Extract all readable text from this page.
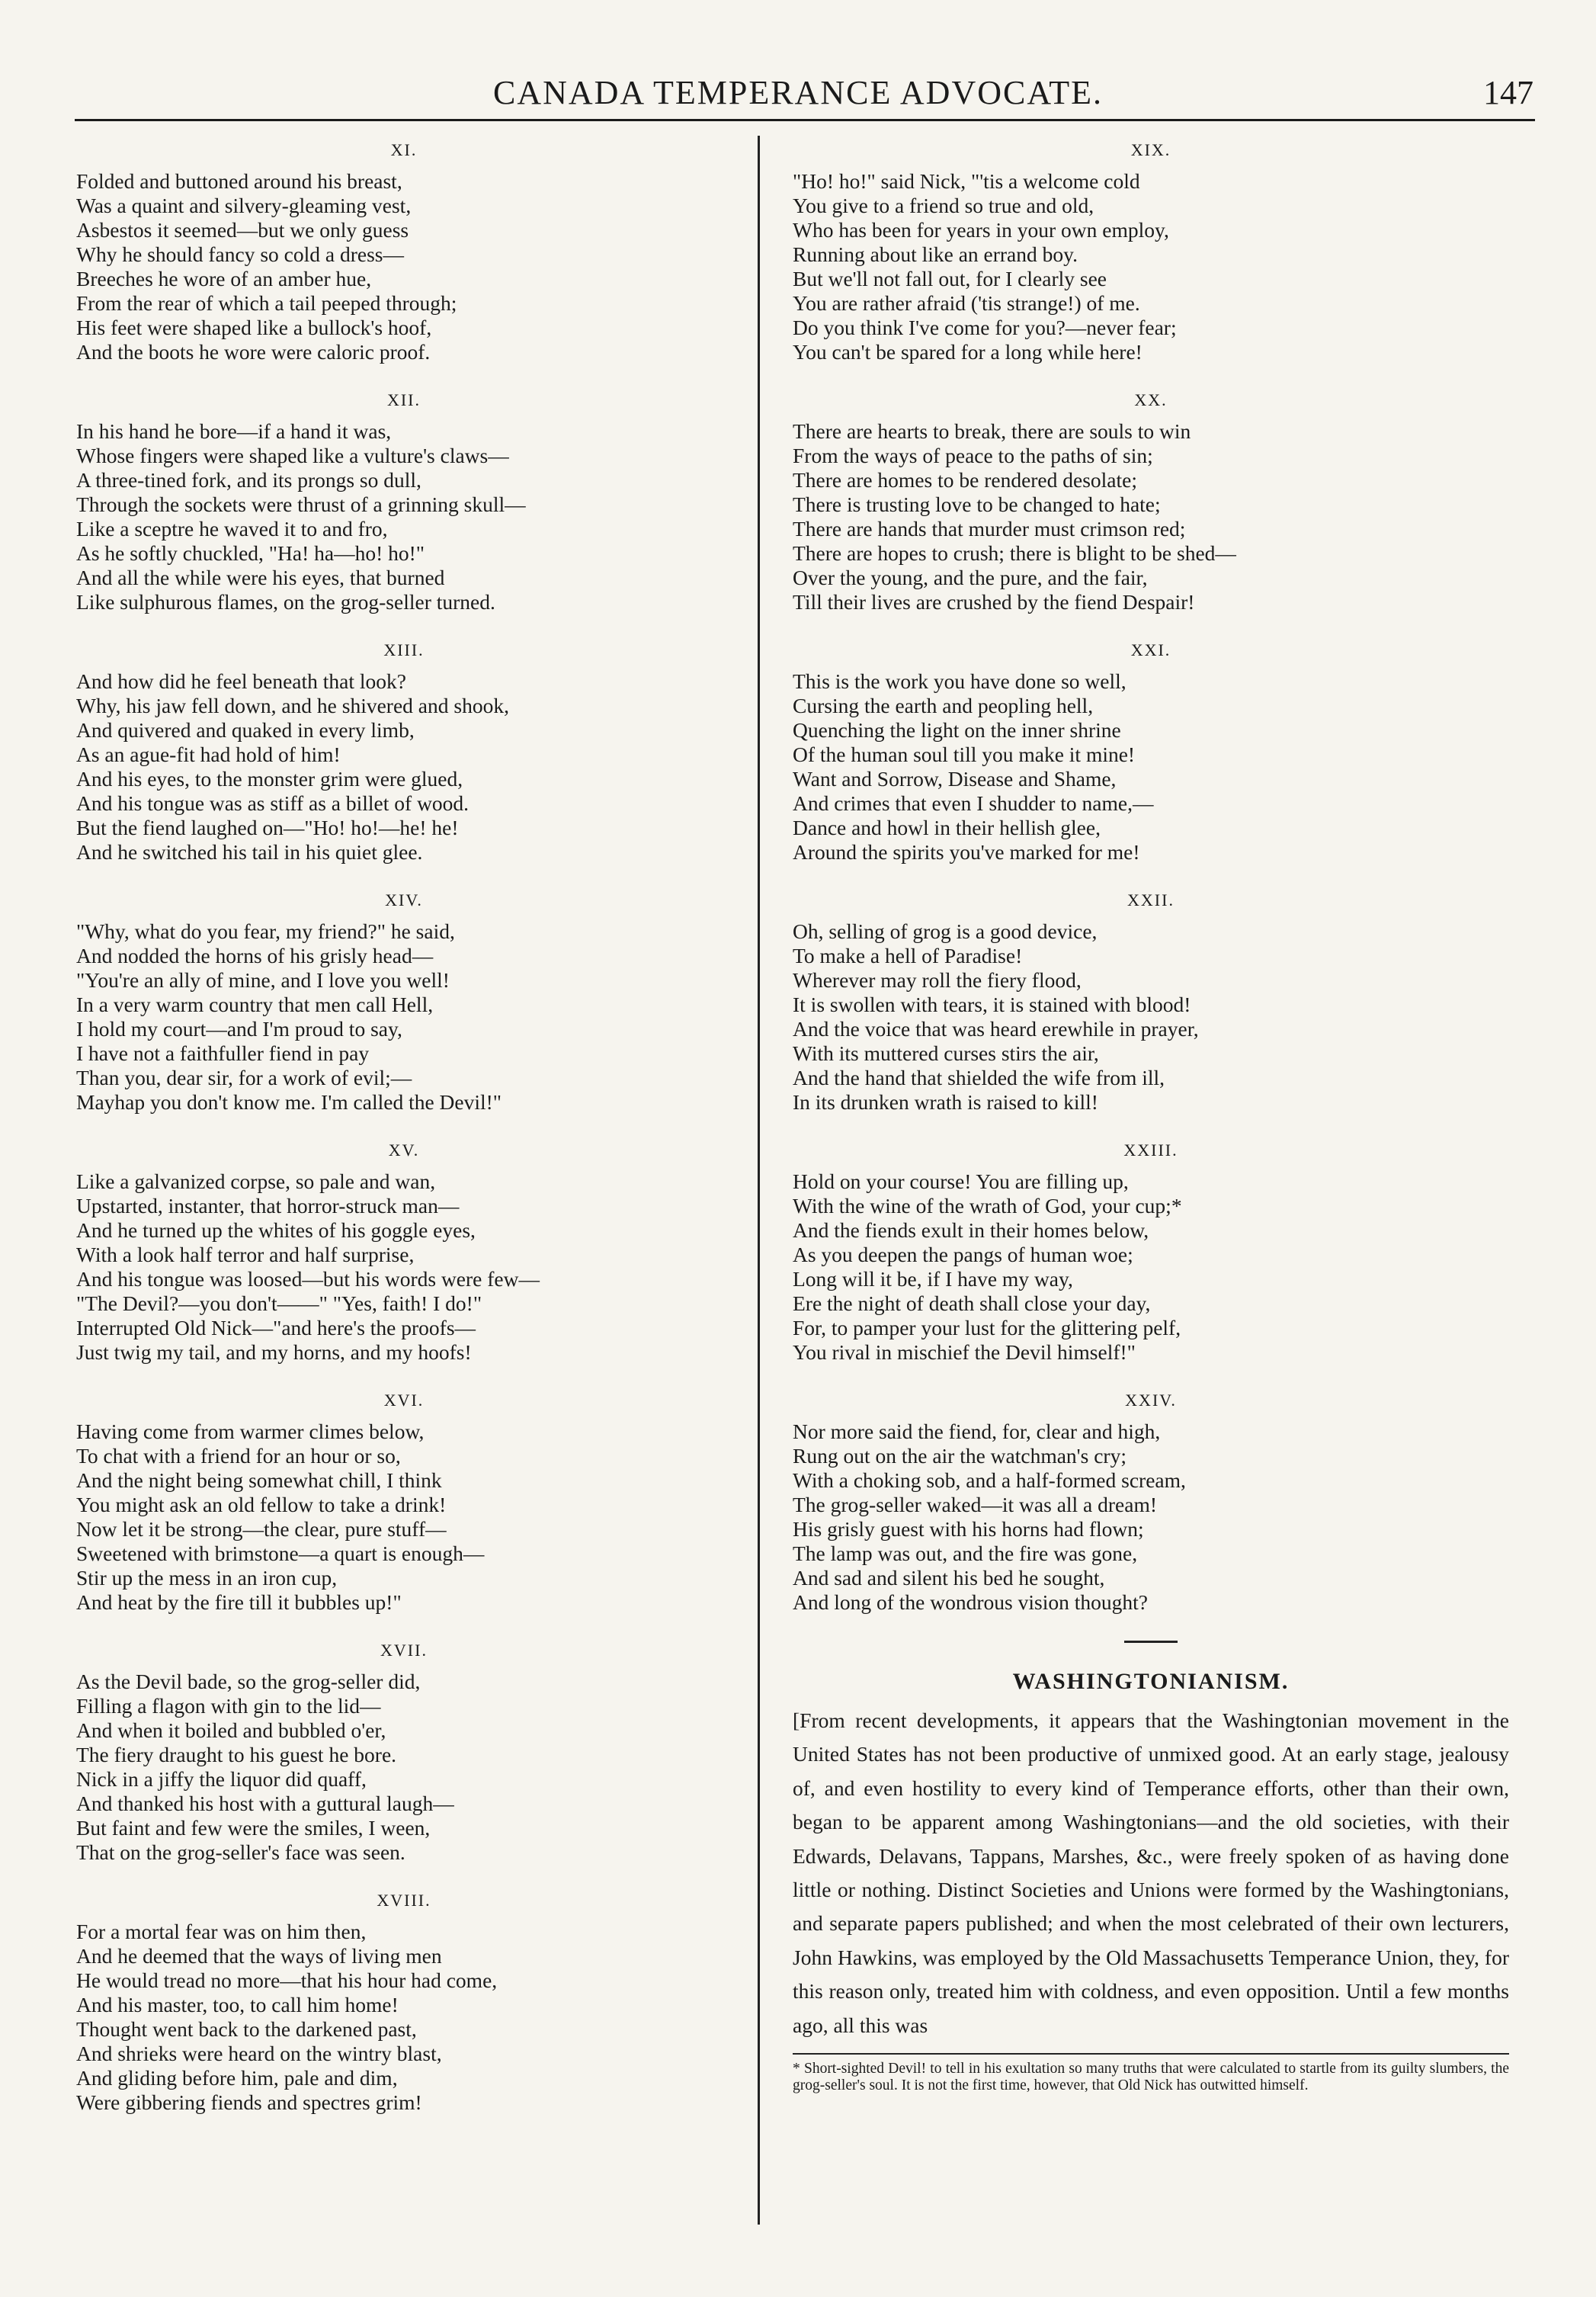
CANADA TEMPERANCE ADVOCATE.	147
XI.
Folded and buttoned around his breast,
Was a quaint and silvery-gleaming vest,
Asbestos it seemed—but we only guess
Why he should fancy so cold a dress—
Breeches he wore of an amber hue,
From the rear of which a tail peeped through;
His feet were shaped like a bullock's hoof,
And the boots he wore were caloric proof.
XII.
In his hand he bore—if a hand it was,
Whose fingers were shaped like a vulture's claws—
A three-tined fork, and its prongs so dull,
Through the sockets were thrust of a grinning skull—
Like a sceptre he waved it to and fro,
As he softly chuckled, "Ha! ha—ho! ho!"
And all the while were his eyes, that burned
Like sulphurous flames, on the grog-seller turned.
XIII.
And how did he feel beneath that look?
Why, his jaw fell down, and he shivered and shook,
And quivered and quaked in every limb,
As an ague-fit had hold of him!
And his eyes, to the monster grim were glued,
And his tongue was as stiff as a billet of wood.
But the fiend laughed on—"Ho! ho!—he! he!
And he switched his tail in his quiet glee.
XIV.
"Why, what do you fear, my friend?" he said,
And nodded the horns of his grisly head—
"You're an ally of mine, and I love you well!
In a very warm country that men call Hell,
I hold my court—and I'm proud to say,
I have not a faithfuller fiend in pay
Than you, dear sir, for a work of evil;—
Mayhap you don't know me. I'm called the Devil!"
XV.
Like a galvanized corpse, so pale and wan,
Upstarted, instanter, that horror-struck man—
And he turned up the whites of his goggle eyes,
With a look half terror and half surprise,
And his tongue was loosed—but his words were few—
"The Devil?—you don't——" "Yes, faith! I do!"
Interrupted Old Nick—"and here's the proofs—
Just twig my tail, and my horns, and my hoofs!
XVI.
Having come from warmer climes below,
To chat with a friend for an hour or so,
And the night being somewhat chill, I think
You might ask an old fellow to take a drink!
Now let it be strong—the clear, pure stuff—
Sweetened with brimstone—a quart is enough—
Stir up the mess in an iron cup,
And heat by the fire till it bubbles up!"
XVII.
As the Devil bade, so the grog-seller did,
Filling a flagon with gin to the lid—
And when it boiled and bubbled o'er,
The fiery draught to his guest he bore.
Nick in a jiffy the liquor did quaff,
And thanked his host with a guttural laugh—
But faint and few were the smiles, I ween,
That on the grog-seller's face was seen.
XVIII.
For a mortal fear was on him then,
And he deemed that the ways of living men
He would tread no more—that his hour had come,
And his master, too, to call him home!
Thought went back to the darkened past,
And shrieks were heard on the wintry blast,
And gliding before him, pale and dim,
Were gibbering fiends and spectres grim!
XIX.
"Ho! ho!" said Nick, "'tis a welcome cold
You give to a friend so true and old,
Who has been for years in your own employ,
Running about like an errand boy.
But we'll not fall out, for I clearly see
You are rather afraid ('tis strange!) of me.
Do you think I've come for you?—never fear;
You can't be spared for a long while here!
XX.
There are hearts to break, there are souls to win
From the ways of peace to the paths of sin;
There are homes to be rendered desolate;
There is trusting love to be changed to hate;
There are hands that murder must crimson red;
There are hopes to crush; there is blight to be shed—
Over the young, and the pure, and the fair,
Till their lives are crushed by the fiend Despair!
XXI.
This is the work you have done so well,
Cursing the earth and peopling hell,
Quenching the light on the inner shrine
Of the human soul till you make it mine!
Want and Sorrow, Disease and Shame,
And crimes that even I shudder to name,—
Dance and howl in their hellish glee,
Around the spirits you've marked for me!
XXII.
Oh, selling of grog is a good device,
To make a hell of Paradise!
Wherever may roll the fiery flood,
It is swollen with tears, it is stained with blood!
And the voice that was heard erewhile in prayer,
With its muttered curses stirs the air,
And the hand that shielded the wife from ill,
In its drunken wrath is raised to kill!
XXIII.
Hold on your course! You are filling up,
With the wine of the wrath of God, your cup;*
And the fiends exult in their homes below,
As you deepen the pangs of human woe;
Long will it be, if I have my way,
Ere the night of death shall close your day,
For, to pamper your lust for the glittering pelf,
You rival in mischief the Devil himself!"
XXIV.
Nor more said the fiend, for, clear and high,
Rung out on the air the watchman's cry;
With a choking sob, and a half-formed scream,
The grog-seller waked—it was all a dream!
His grisly guest with his horns had flown;
The lamp was out, and the fire was gone,
And sad and silent his bed he sought,
And long of the wondrous vision thought?
WASHINGTONIANISM.

[From recent developments, it appears that the Washingtonian movement in the United States has not been productive of unmixed good. At an early stage, jealousy of, and even hostility to every kind of Temperance efforts, other than their own, began to be apparent among Washingtonians—and the old societies, with their Edwards, Delavans, Tappans, Marshes, &c., were freely spoken of as having done little or nothing. Distinct Societies and Unions were formed by the Washingtonians, and separate papers published; and when the most celebrated of their own lecturers, John Hawkins, was employed by the Old Massachusetts Temperance Union, they, for this reason only, treated him with coldness, and even opposition. Until a few months ago, all this was

* Short-sighted Devil! to tell in his exultation so many truths that were calculated to startle from its guilty slumbers, the grog-seller's soul. It is not the first time, however, that Old Nick has outwitted himself.
